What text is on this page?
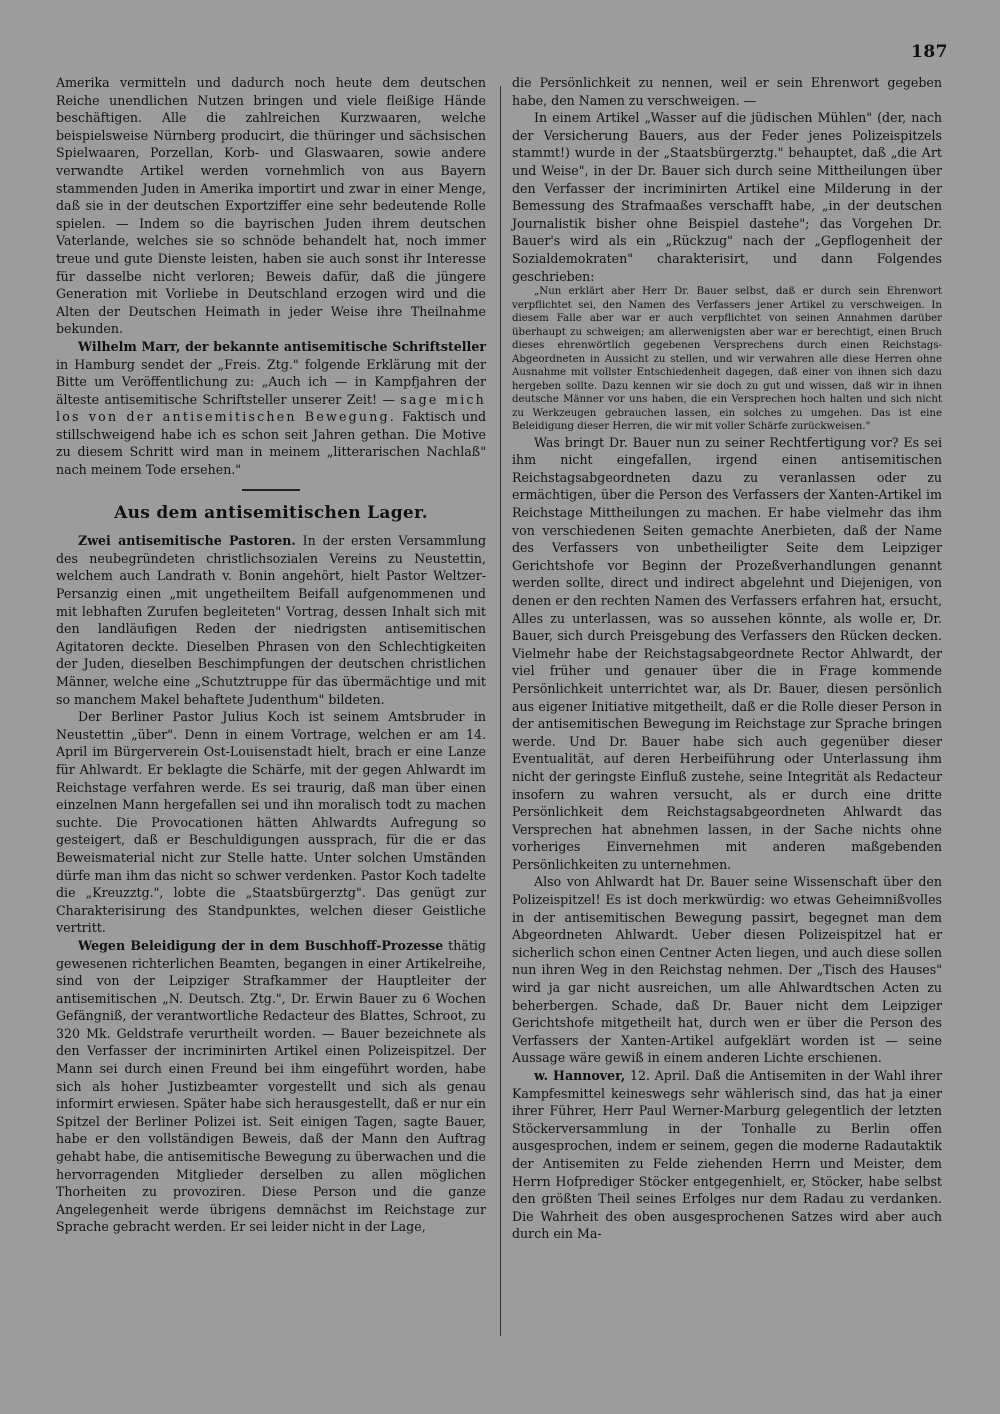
187

Amerika vermitteln und dadurch noch heute dem deutschen Reiche unendlichen Nutzen bringen und viele fleißige Hände beschäftigen. Alle die zahlreichen Kurzwaaren, welche beispielsweise Nürnberg producirt, die thüringer und sächsischen Spielwaaren, Porzellan, Korb- und Glaswaaren, sowie andere verwandte Artikel werden vornehmlich von aus Bayern stammenden Juden in Amerika importirt und zwar in einer Menge, daß sie in der deutschen Exportziffer eine sehr bedeutende Rolle spielen. — Indem so die bayrischen Juden ihrem deutschen Vaterlande, welches sie so schnöde behandelt hat, noch immer treue und gute Dienste leisten, haben sie auch sonst ihr Interesse für dasselbe nicht verloren; Beweis dafür, daß die jüngere Generation mit Vorliebe in Deutschland erzogen wird und die Alten der Deutschen Heimath in jeder Weise ihre Theilnahme bekunden.

Wilhelm Marr, der bekannte antisemitische Schriftsteller in Hamburg sendet der „Freis. Ztg." folgende Erklärung mit der Bitte um Veröffentlichung zu: „Auch ich — in Kampfjahren der älteste antisemitische Schriftsteller unserer Zeit! — sage mich los von der antisemitischen Bewegung. Faktisch und stillschweigend habe ich es schon seit Jahren gethan. Die Motive zu diesem Schritt wird man in meinem „litterarischen Nachlaß" nach meinem Tode ersehen."

Aus dem antisemitischen Lager.

Zwei antisemitische Pastoren. In der ersten Versammlung des neubegründeten christlichsozialen Vereins zu Neustettin, welchem auch Landrath v. Bonin angehört, hielt Pastor Weltzer-Persanzig einen „mit ungetheiltem Beifall aufgenommenen und mit lebhaften Zurufen begleiteten" Vortrag, dessen Inhalt sich mit den landläufigen Reden der niedrigsten antisemitischen Agitatoren deckte. Dieselben Phrasen von den Schlechtigkeiten der Juden, dieselben Beschimpfungen der deutschen christlichen Männer, welche eine „Schutztruppe für das übermächtige und mit so manchem Makel behaftete Judenthum" bildeten.

Der Berliner Pastor Julius Koch ist seinem Amtsbruder in Neustettin „über". Denn in einem Vortrage, welchen er am 14. April im Bürgerverein Ost-Louisenstadt hielt, brach er eine Lanze für Ahlwardt. Er beklagte die Schärfe, mit der gegen Ahlwardt im Reichstage verfahren werde. Es sei traurig, daß man über einen einzelnen Mann hergefallen sei und ihn moralisch todt zu machen suchte. Die Provocationen hätten Ahlwardts Aufregung so gesteigert, daß er Beschuldigungen aussprach, für die er das Beweismaterial nicht zur Stelle hatte. Unter solchen Umständen dürfe man ihm das nicht so schwer verdenken. Pastor Koch tadelte die „Kreuzztg.", lobte die „Staatsbürgerztg". Das genügt zur Charakterisirung des Standpunktes, welchen dieser Geistliche vertritt.

Wegen Beleidigung der in dem Buschhoff-Prozesse thätig gewesenen richterlichen Beamten, begangen in einer Artikelreihe, sind von der Leipziger Strafkammer der Hauptleiter der antisemitischen „N. Deutsch. Ztg.", Dr. Erwin Bauer zu 6 Wochen Gefängniß, der verantwortliche Redacteur des Blattes, Schroot, zu 320 Mk. Geldstrafe verurtheilt worden. — Bauer bezeichnete als den Verfasser der incriminirten Artikel einen Polizeispitzel. Der Mann sei durch einen Freund bei ihm eingeführt worden, habe sich als hoher Justizbeamter vorgestellt und sich als genau informirt erwiesen. Später habe sich herausgestellt, daß er nur ein Spitzel der Berliner Polizei ist. Seit einigen Tagen, sagte Bauer, habe er den vollständigen Beweis, daß der Mann den Auftrag gehabt habe, die antisemitische Bewegung zu überwachen und die hervorragenden Mitglieder derselben zu allen möglichen Thorheiten zu provoziren. Diese Person und die ganze Angelegenheit werde übrigens demnächst im Reichstage zur Sprache gebracht werden. Er sei leider nicht in der Lage,

die Persönlichkeit zu nennen, weil er sein Ehrenwort gegeben habe, den Namen zu verschweigen. —

In einem Artikel „Wasser auf die jüdischen Mühlen" (der, nach der Versicherung Bauers, aus der Feder jenes Polizeispitzels stammt!) wurde in der „Staatsbürgerztg." behauptet, daß „die Art und Weise", in der Dr. Bauer sich durch seine Mittheilungen über den Verfasser der incriminirten Artikel eine Milderung in der Bemessung des Strafmaaßes verschafft habe, „in der deutschen Journalistik bisher ohne Beispiel dastehe"; das Vorgehen Dr. Bauer's wird als ein „Rückzug" nach der „Gepflogenheit der Sozialdemokraten" charakterisirt, und dann Folgendes geschrieben:

„Nun erklärt aber Herr Dr. Bauer selbst, daß er durch sein Ehrenwort verpflichtet sei, den Namen des Verfassers jener Artikel zu verschweigen. In diesem Falle aber war er auch verpflichtet von seinen Annahmen darüber überhaupt zu schweigen; am allerwenigsten aber war er berechtigt, einen Bruch dieses ehrenwörtlich gegebenen Versprechens durch einen Reichstags-Abgeordneten in Aussicht zu stellen, und wir verwahren alle diese Herren ohne Ausnahme mit vollster Entschiedenheit dagegen, daß einer von ihnen sich dazu hergeben sollte. Dazu kennen wir sie doch zu gut und wissen, daß wir in ihnen deutsche Männer vor uns haben, die ein Versprechen hoch halten und sich nicht zu Werkzeugen gebrauchen lassen, ein solches zu umgehen. Das ist eine Beleidigung dieser Herren, die wir mit voller Schärfe zurückweisen."

Was bringt Dr. Bauer nun zu seiner Rechtfertigung vor? Es sei ihm nicht eingefallen, irgend einen antisemitischen Reichstagsabgeordneten dazu zu veranlassen oder zu ermächtigen, über die Person des Verfassers der Xanten-Artikel im Reichstage Mittheilungen zu machen. Er habe vielmehr das ihm von verschiedenen Seiten gemachte Anerbieten, daß der Name des Verfassers von unbetheiligter Seite dem Leipziger Gerichtshofe vor Beginn der Prozeßverhandlungen genannt werden sollte, direct und indirect abgelehnt und Diejenigen, von denen er den rechten Namen des Verfassers erfahren hat, ersucht, Alles zu unterlassen, was so aussehen könnte, als wolle er, Dr. Bauer, sich durch Preisgebung des Verfassers den Rücken decken. Vielmehr habe der Reichstagsabgeordnete Rector Ahlwardt, der viel früher und genauer über die in Frage kommende Persönlichkeit unterrichtet war, als Dr. Bauer, diesen persönlich aus eigener Initiative mitgetheilt, daß er die Rolle dieser Person in der antisemitischen Bewegung im Reichstage zur Sprache bringen werde. Und Dr. Bauer habe sich auch gegenüber dieser Eventualität, auf deren Herbeiführung oder Unterlassung ihm nicht der geringste Einfluß zustehe, seine Integrität als Redacteur insofern zu wahren versucht, als er durch eine dritte Persönlichkeit dem Reichstagsabgeordneten Ahlwardt das Versprechen hat abnehmen lassen, in der Sache nichts ohne vorheriges Einvernehmen mit anderen maßgebenden Persönlichkeiten zu unternehmen.

Also von Ahlwardt hat Dr. Bauer seine Wissenschaft über den Polizeispitzel! Es ist doch merkwürdig: wo etwas Geheimnißvolles in der antisemitischen Bewegung passirt, begegnet man dem Abgeordneten Ahlwardt. Ueber diesen Polizeispitzel hat er sicherlich schon einen Centner Acten liegen, und auch diese sollen nun ihren Weg in den Reichstag nehmen. Der „Tisch des Hauses" wird ja gar nicht ausreichen, um alle Ahlwardtschen Acten zu beherbergen. Schade, daß Dr. Bauer nicht dem Leipziger Gerichtshofe mitgetheilt hat, durch wen er über die Person des Verfassers der Xanten-Artikel aufgeklärt worden ist — seine Aussage wäre gewiß in einem anderen Lichte erschienen.

w. Hannover, 12. April. Daß die Antisemiten in der Wahl ihrer Kampfesmittel keineswegs sehr wählerisch sind, das hat ja einer ihrer Führer, Herr Paul Werner-Marburg gelegentlich der letzten Stöckerversammlung in der Tonhalle zu Berlin offen ausgesprochen, indem er seinem, gegen die moderne Radautaktik der Antisemiten zu Felde ziehenden Herrn und Meister, dem Herrn Hofprediger Stöcker entgegenhielt, er, Stöcker, habe selbst den größten Theil seines Erfolges nur dem Radau zu verdanken. Die Wahrheit des oben ausgesprochenen Satzes wird aber auch durch ein Ma-
